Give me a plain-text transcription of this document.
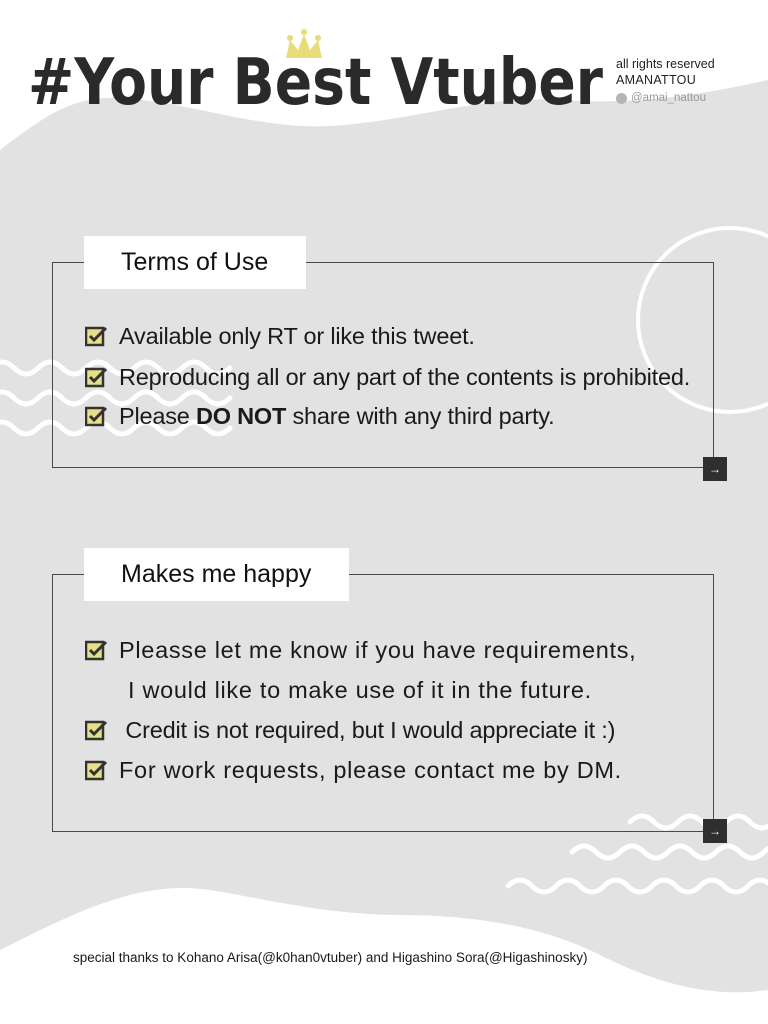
#Your Best Vtuber all rights reserved
AMANATTOU
@amai_nattou
Terms of Use
→
Available only RT or like this tweet.
Reproducing all or any part of the contents is prohibited.
Please DO NOT share with any third party.
Makes me happy
→
Pleasse let me know if you have requirements,
I would like to make use of it in the future.
Credit is not required, but I would appreciate it :)
For work requests, please contact me by DM.
special thanks to Kohano Arisa(@k0han0vtuber) and Higashino Sora(@Higashinosky)
